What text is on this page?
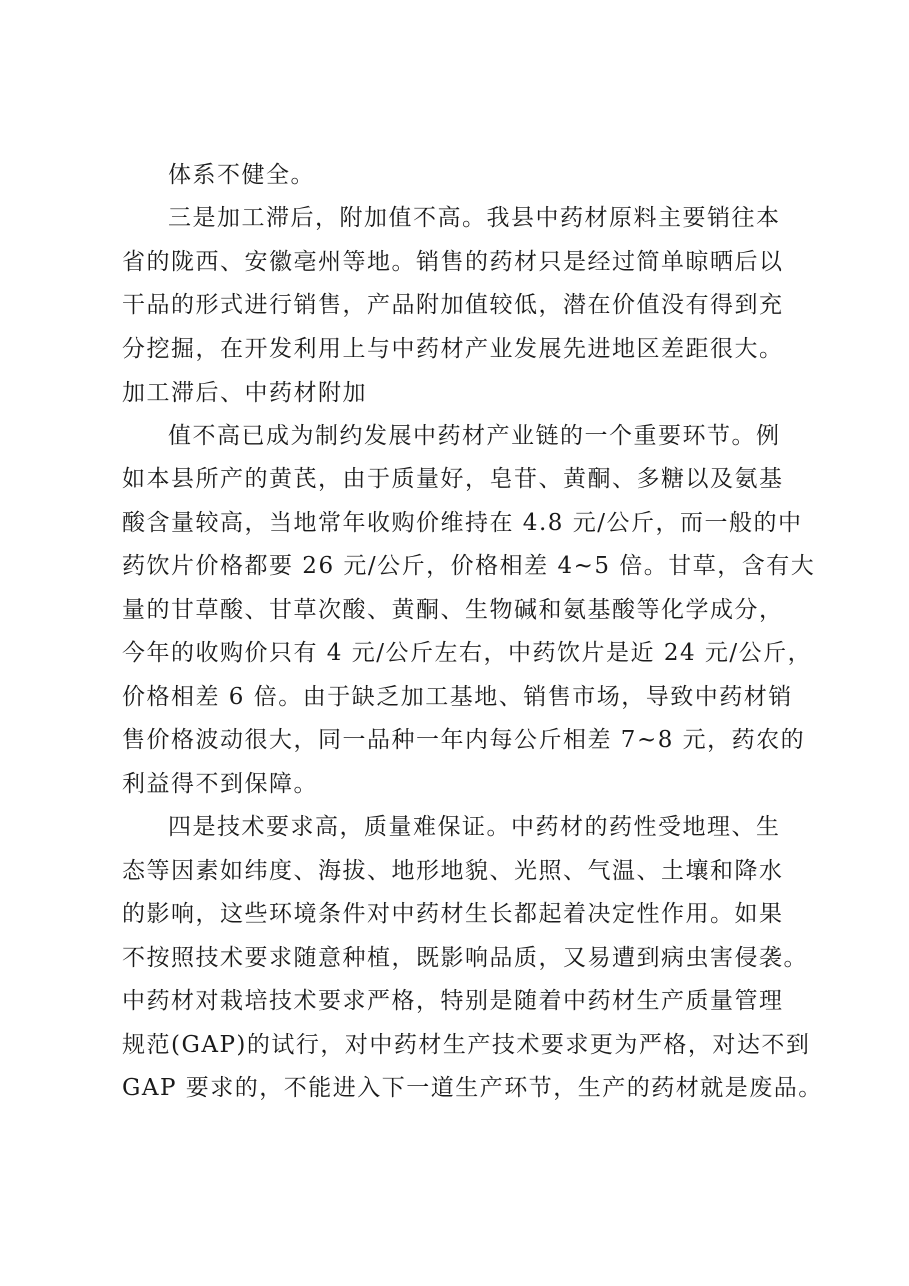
体系不健全。
三是加工滞后，附加值不高。我县中药材原料主要销往本
省的陇西、安徽亳州等地。销售的药材只是经过简单晾晒后以
干品的形式进行销售，产品附加值较低，潜在价值没有得到充
分挖掘，在开发利用上与中药材产业发展先进地区差距很大。
加工滞后、中药材附加
值不高已成为制约发展中药材产业链的一个重要环节。例
如本县所产的黄芪，由于质量好，皂苷、黄酮、多糖以及氨基
酸含量较高，当地常年收购价维持在 4.8 元/公斤，而一般的中
药饮片价格都要 26 元/公斤，价格相差 4~5 倍。甘草，含有大
量的甘草酸、甘草次酸、黄酮、生物碱和氨基酸等化学成分，
今年的收购价只有 4 元/公斤左右，中药饮片是近 24 元/公斤，
价格相差 6 倍。由于缺乏加工基地、销售市场，导致中药材销
售价格波动很大，同一品种一年内每公斤相差 7~8 元，药农的
利益得不到保障。
四是技术要求高，质量难保证。中药材的药性受地理、生
态等因素如纬度、海拔、地形地貌、光照、气温、土壤和降水
的影响，这些环境条件对中药材生长都起着决定性作用。如果
不按照技术要求随意种植，既影响品质，又易遭到病虫害侵袭。
中药材对栽培技术要求严格，特别是随着中药材生产质量管理
规范(GAP)的试行，对中药材生产技术要求更为严格，对达不到
GAP 要求的，不能进入下一道生产环节，生产的药材就是废品。
